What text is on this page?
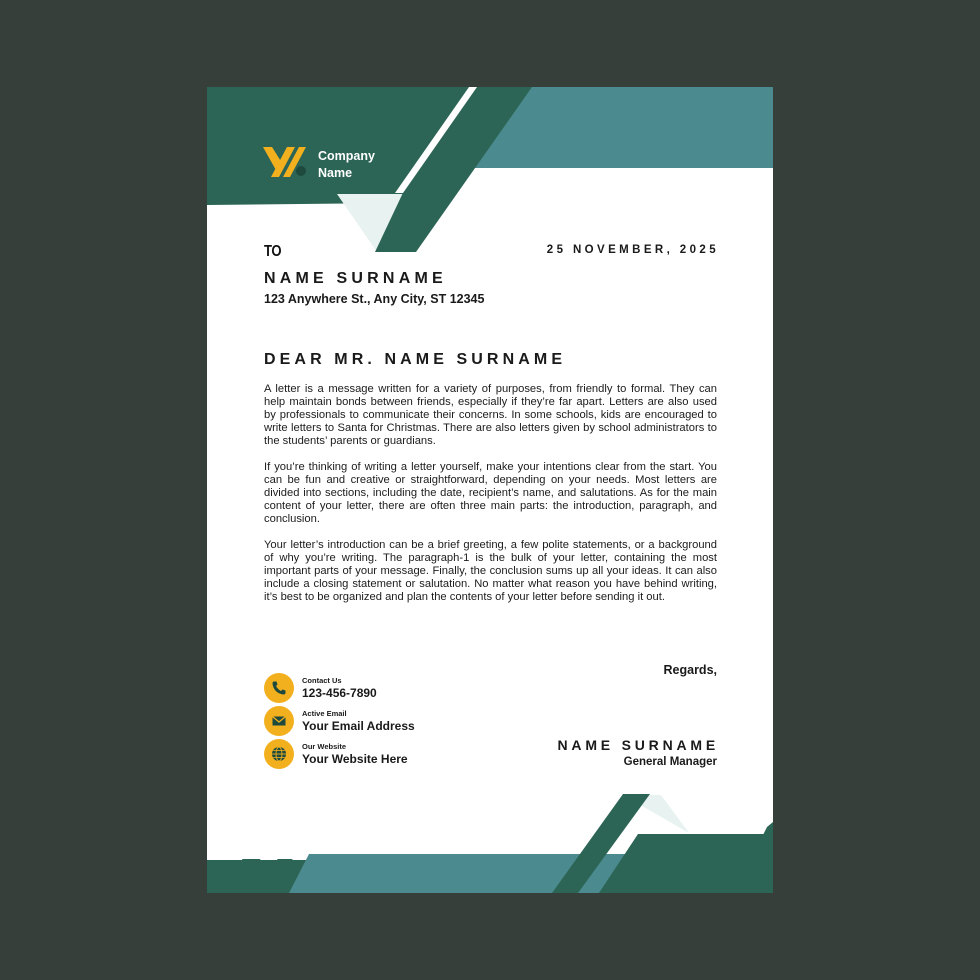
Company
Name
TO	25 NOVEMBER, 2025
NAME SURNAME
123 Anywhere St., Any City, ST 12345
DEAR MR. NAME SURNAME

A letter is a message written for a variety of purposes, from friendly to formal. They can help maintain bonds between friends, especially if they’re far apart. Letters are also used by professionals to communicate their concerns. In some schools, kids are encouraged to write letters to Santa for Christmas. There are also letters given by school administrators to the students’ parents or guardians.

If you’re thinking of writing a letter yourself, make your intentions clear from the start. You can be fun and creative or straightforward, depending on your needs. Most letters are divided into sections, including the date, recipient’s name, and salutations. As for the main content of your letter, there are often three main parts: the introduction, paragraph, and conclusion.

Your letter’s introduction can be a brief greeting, a few polite statements, or a background of why you’re writing. The paragraph-1 is the bulk of your letter, containing the most important parts of your message. Finally, the conclusion sums up all your ideas. It can also include a closing statement or salutation. No matter what reason you have behind writing, it’s best to be organized and plan the contents of your letter before sending it out.

Regards,
NAME SURNAME
General Manager
Contact Us
123-456-7890
Active Email
Your Email Address
Our Website
Your Website Here
